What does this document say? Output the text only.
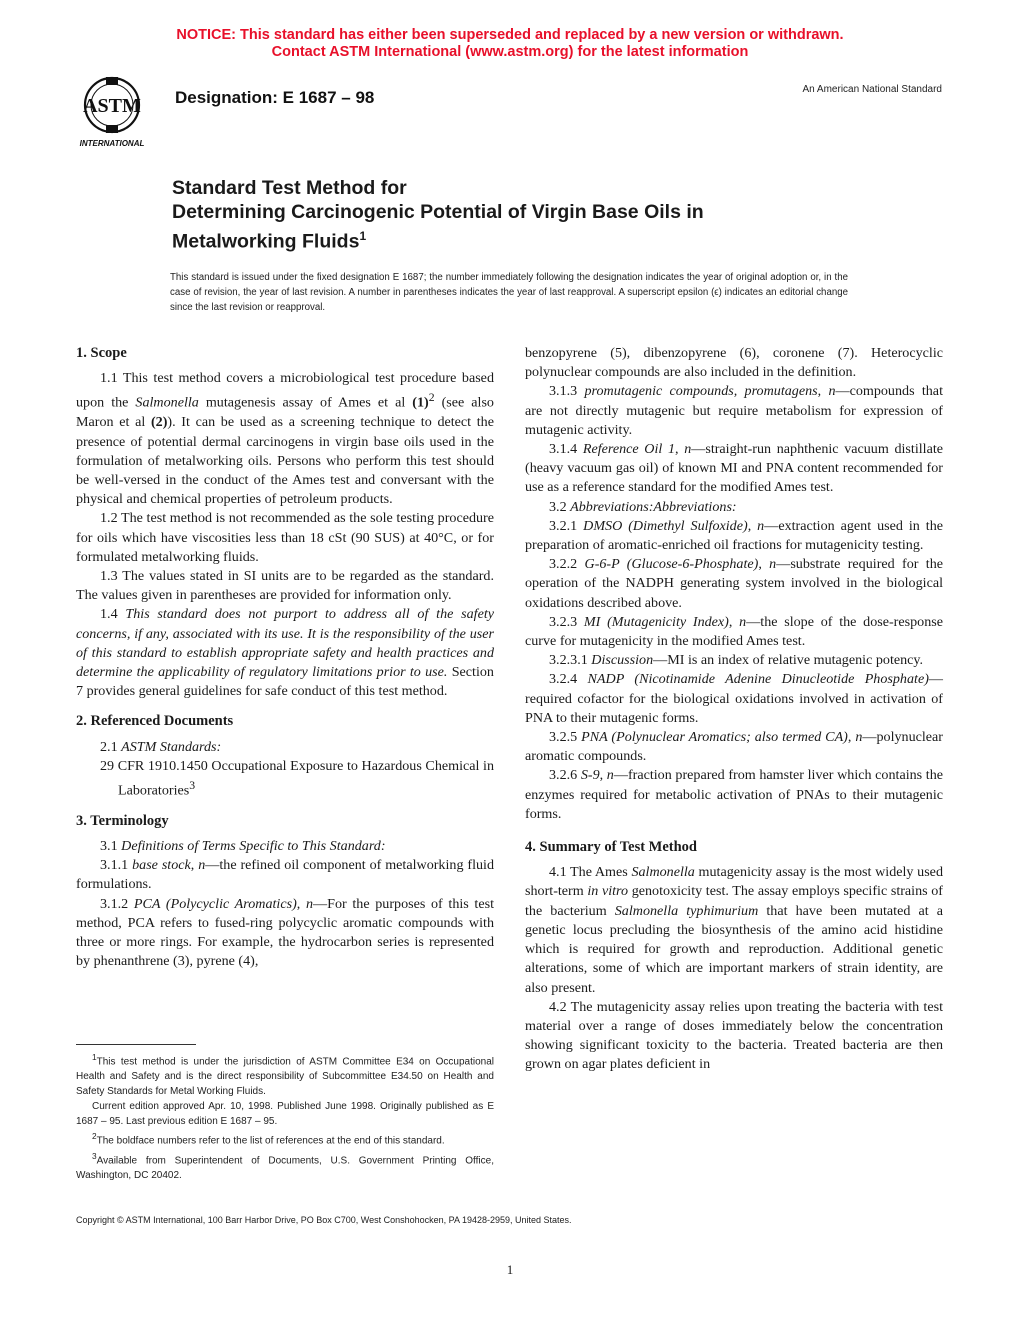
NOTICE: This standard has either been superseded and replaced by a new version or withdrawn.
Contact ASTM International (www.astm.org) for the latest information
ASTM
INTERNATIONAL
Designation: E 1687 – 98	An American National Standard
Standard Test Method for
Determining Carcinogenic Potential of Virgin Base Oils in
Metalworking Fluids$^1$
This standard is issued under the fixed designation E 1687; the number immediately following the designation indicates the year of original adoption or, in the case of revision, the year of last revision. A number in parentheses indicates the year of last reapproval. A superscript epsilon (ϵ) indicates an editorial change since the last revision or reapproval.
1. Scope

1.1 This test method covers a microbiological test procedure based upon the Salmonella mutagenesis assay of Ames et al $(1)^2$ (see also Maron et al (2)). It can be used as a screening technique to detect the presence of potential dermal carcinogens in virgin base oils used in the formulation of metalworking oils. Persons who perform this test should be well-versed in the conduct of the Ames test and conversant with the physical and chemical properties of petroleum products.

1.2 The test method is not recommended as the sole testing procedure for oils which have viscosities less than 18 cSt (90 SUS) at 40°C, or for formulated metalworking fluids.

1.3 The values stated in SI units are to be regarded as the standard. The values given in parentheses are provided for information only.

1.4 This standard does not purport to address all of the safety concerns, if any, associated with its use. It is the responsibility of the user of this standard to establish appropriate safety and health practices and determine the applicability of regulatory limitations prior to use. Section 7 provides general guidelines for safe conduct of this test method.

2. Referenced Documents

2.1 ASTM Standards:

29 CFR 1910.1450 Occupational Exposure to Hazardous Chemical in Laboratories$^3$

3. Terminology

3.1 Definitions of Terms Specific to This Standard:

3.1.1 base stock, n—the refined oil component of metalworking fluid formulations.

3.1.2 PCA (Polycyclic Aromatics), n—For the purposes of this test method, PCA refers to fused-ring polycyclic aromatic compounds with three or more rings. For example, the hydrocarbon series is represented by phenanthrene (3), pyrene (4),

benzopyrene (5), dibenzopyrene (6), coronene (7). Heterocyclic polynuclear compounds are also included in the definition.

3.1.3 promutagenic compounds, promutagens, n—compounds that are not directly mutagenic but require metabolism for expression of mutagenic activity.

3.1.4 Reference Oil 1, n—straight-run naphthenic vacuum distillate (heavy vacuum gas oil) of known MI and PNA content recommended for use as a reference standard for the modified Ames test.

3.2 Abbreviations:Abbreviations:

3.2.1 DMSO (Dimethyl Sulfoxide), n—extraction agent used in the preparation of aromatic-enriched oil fractions for mutagenicity testing.

3.2.2 G-6-P (Glucose-6-Phosphate), n—substrate required for the operation of the NADPH generating system involved in the biological oxidations described above.

3.2.3 MI (Mutagenicity Index), n—the slope of the dose-response curve for mutagenicity in the modified Ames test.

3.2.3.1 Discussion—MI is an index of relative mutagenic potency.

3.2.4 NADP (Nicotinamide Adenine Dinucleotide Phosphate)—required cofactor for the biological oxidations involved in activation of PNA to their mutagenic forms.

3.2.5 PNA (Polynuclear Aromatics; also termed CA), n—polynuclear aromatic compounds.

3.2.6 S-9, n—fraction prepared from hamster liver which contains the enzymes required for metabolic activation of PNAs to their mutagenic forms.

4. Summary of Test Method

4.1 The Ames Salmonella mutagenicity assay is the most widely used short-term in vitro genotoxicity test. The assay employs specific strains of the bacterium Salmonella typhimurium that have been mutated at a genetic locus precluding the biosynthesis of the amino acid histidine which is required for growth and reproduction. Additional genetic alterations, some of which are important markers of strain identity, are also present.

4.2 The mutagenicity assay relies upon treating the bacteria with test material over a range of doses immediately below the concentration showing significant toxicity to the bacteria. Treated bacteria are then grown on agar plates deficient in

$^1$This test method is under the jurisdiction of ASTM Committee E34 on Occupational Health and Safety and is the direct responsibility of Subcommittee E34.50 on Health and Safety Standards for Metal Working Fluids.

Current edition approved Apr. 10, 1998. Published June 1998. Originally published as E 1687 – 95. Last previous edition E 1687 – 95.

$^2$The boldface numbers refer to the list of references at the end of this standard.

$^3$Available from Superintendent of Documents, U.S. Government Printing Office, Washington, DC 20402.

Copyright © ASTM International, 100 Barr Harbor Drive, PO Box C700, West Conshohocken, PA 19428-2959, United States.
1
